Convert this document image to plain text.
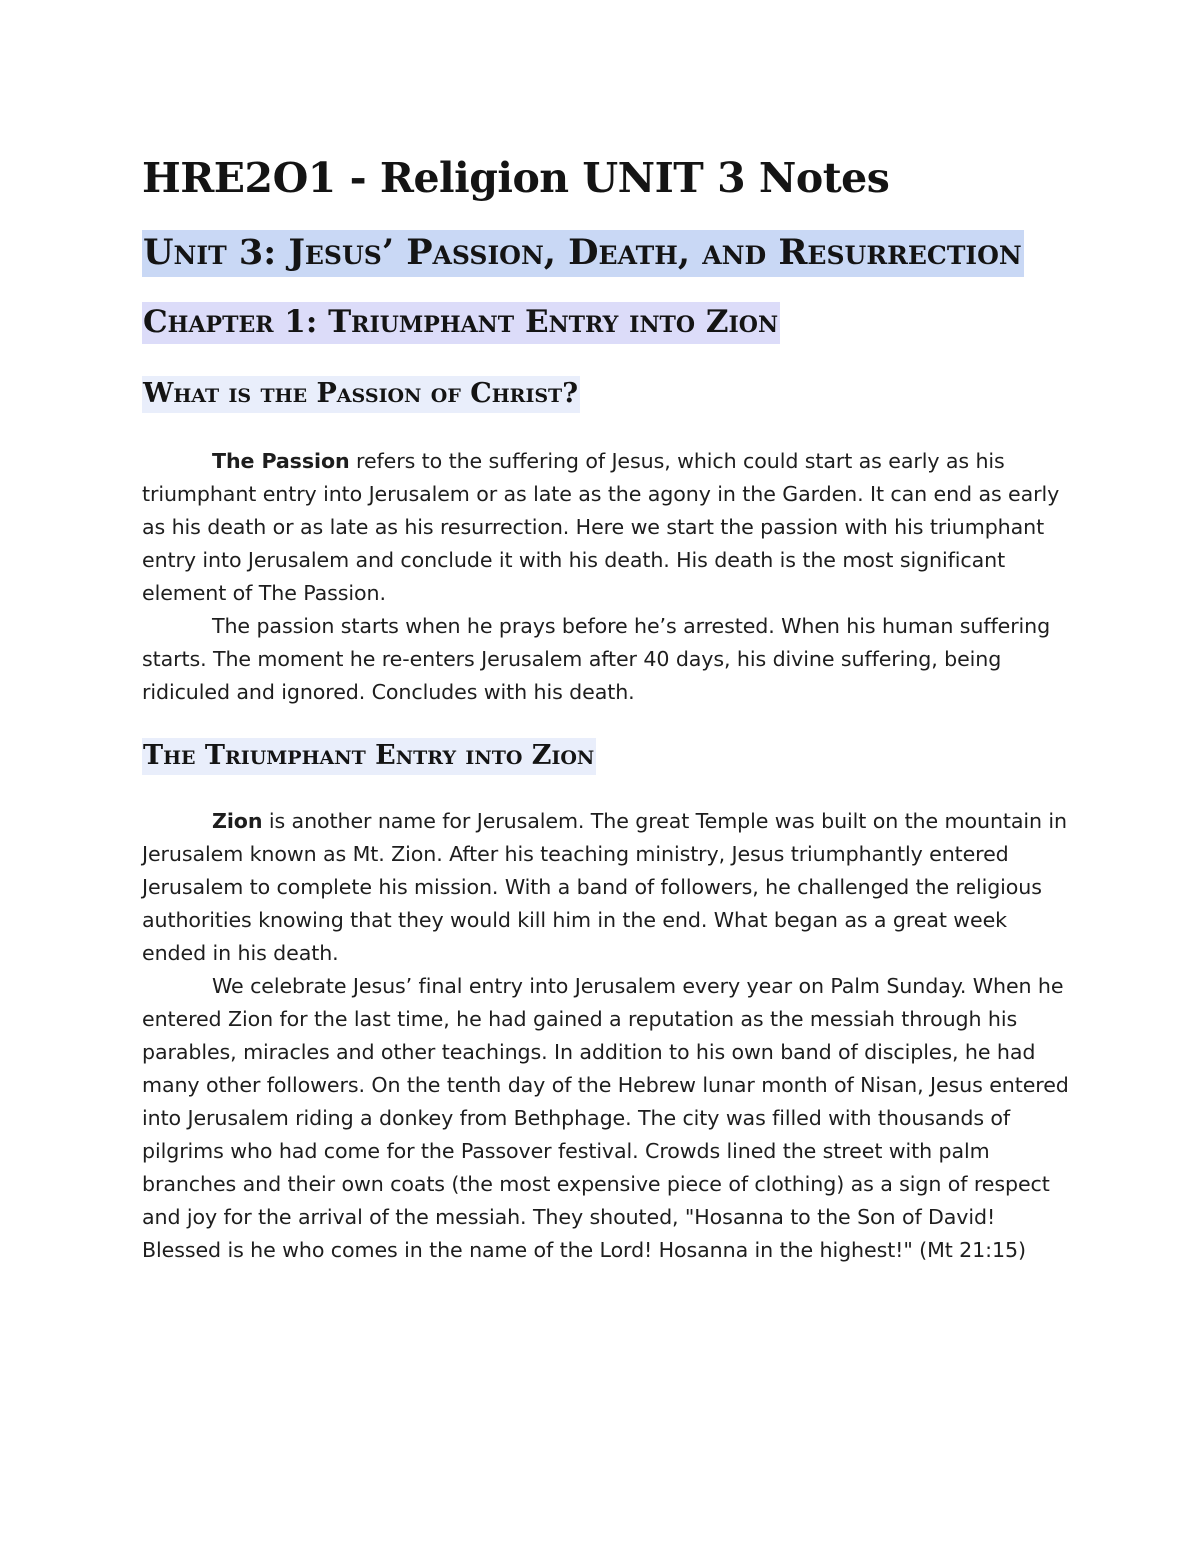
HRE2O1 - Religion UNIT 3 Notes
Unit 3: Jesus’ Passion, Death, and Resurrection
Chapter 1: Triumphant Entry into Zion
What is the Passion of Christ?

The Passion refers to the suffering of Jesus, which could start as early as his triumphant entry into Jerusalem or as late as the agony in the Garden. It can end as early as his death or as late as his resurrection. Here we start the passion with his triumphant entry into Jerusalem and conclude it with his death. His death is the most significant element of The Passion.

The passion starts when he prays before he’s arrested. When his human suffering starts. The moment he re-enters Jerusalem after 40 days, his divine suffering, being ridiculed and ignored. Concludes with his death.

The Triumphant Entry into Zion

Zion is another name for Jerusalem. The great Temple was built on the mountain in Jerusalem known as Mt. Zion. After his teaching ministry, Jesus triumphantly entered Jerusalem to complete his mission. With a band of followers, he challenged the religious authorities knowing that they would kill him in the end. What began as a great week ended in his death.

We celebrate Jesus’ final entry into Jerusalem every year on Palm Sunday. When he entered Zion for the last time, he had gained a reputation as the messiah through his parables, miracles and other teachings. In addition to his own band of disciples, he had many other followers. On the tenth day of the Hebrew lunar month of Nisan, Jesus entered into Jerusalem riding a donkey from Bethphage. The city was filled with thousands of pilgrims who had come for the Passover festival. Crowds lined the street with palm branches and their own coats (the most expensive piece of clothing) as a sign of respect and joy for the arrival of the messiah. They shouted, "Hosanna to the Son of David! Blessed is he who comes in the name of the Lord! Hosanna in the highest!" (Mt 21:15)
